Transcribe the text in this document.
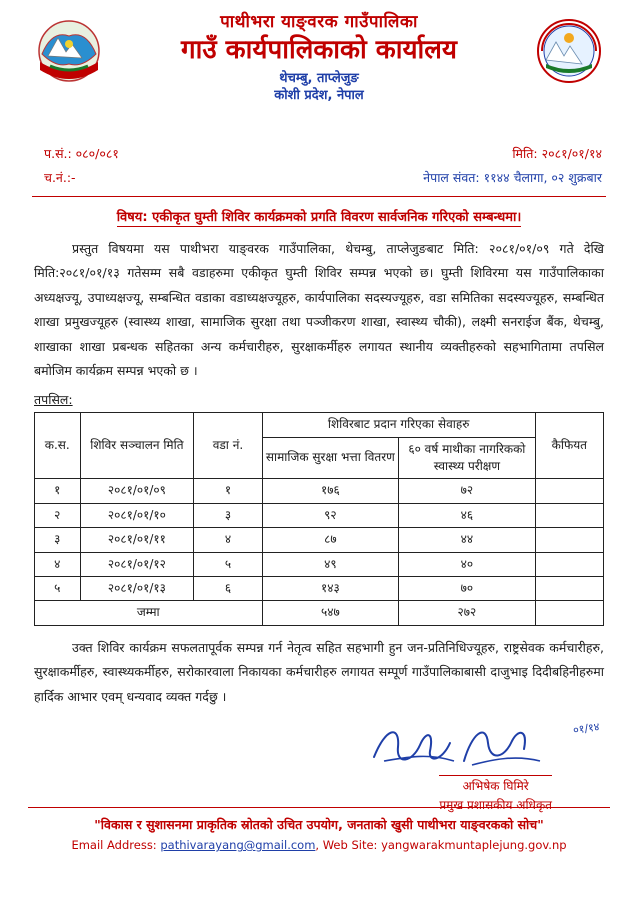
पाथीभरा याङ्वरक गाउँपालिका
गाउँ कार्यपालिकाको कार्यालय
थेचम्बु, ताप्लेजुङ
कोशी प्रदेश, नेपाल
प.सं.: ०८०/०८१
च.नं.:-
मिति: २०८१/०१/१४
नेपाल संवत: ११४४ चैलागा, ०२ शुक्रबार
विषय: एकीकृत घुम्ती शिविर कार्यक्रमको प्रगति विवरण सार्वजनिक गरिएको सम्बन्धमा।

प्रस्तुत विषयमा यस पाथीभरा याङ्वरक गाउँपालिका, थेचम्बु, ताप्लेजुङबाट मिति: २०८१/०१/०९ गते देखि मिति:२०८१/०१/१३ गतेसम्म सबै वडाहरुमा एकीकृत घुम्ती शिविर सम्पन्न भएको छ। घुम्ती शिविरमा यस गाउँपालिकाका अध्यक्षज्यू, उपाध्यक्षज्यू, सम्बन्धित वडाका वडाध्यक्षज्यूहरु, कार्यपालिका सदस्यज्यूहरु, वडा समितिका सदस्यज्यूहरु, सम्बन्धित शाखा प्रमुखज्यूहरु (स्वास्थ्य शाखा, सामाजिक सुरक्षा तथा पञ्जीकरण शाखा, स्वास्थ्य चौकी), लक्ष्मी सनराईज बैंक, थेचम्बु, शाखाका शाखा प्रबन्धक सहितका अन्य कर्मचारीहरु, सुरक्षाकर्मीहरु लगायत स्थानीय व्यक्तीहरुको सहभागितामा तपसिल बमोजिम कार्यक्रम सम्पन्न भएको छ ।

तपसिल:
क.स.	शिविर सञ्चालन मिति	वडा नं.	शिविरबाट प्रदान गरिएका सेवाहरु		कैफियत
			सामाजिक सुरक्षा भत्ता वितरण	६० वर्ष माथीका नागरिकको स्वास्थ्य परीक्षण	
१	२०८१/०१/०९	१	१७६	७२	
२	२०८१/०१/१०	३	९२	४६	
३	२०८१/०१/११	४	८७	४४	
४	२०८१/०१/१२	५	४९	४०	
५	२०८१/०१/१३	६	१४३	७०	
जम्मा			५४७	२७२	

उक्त शिविर कार्यक्रम सफलतापूर्वक सम्पन्न गर्न नेतृत्व सहित सहभागी हुन जन-प्रतिनिधिज्यूहरु, राष्ट्रसेवक कर्मचारीहरु, सुरक्षाकर्मीहरु, स्वास्थ्यकर्मीहरु, सरोकारवाला निकायका कर्मचारीहरु लगायत सम्पूर्ण गाउँपालिकाबासी दाजुभाइ दिदीबहिनीहरुमा हार्दिक आभार एवम् धन्यवाद व्यक्त गर्दछु ।

०१/१४
अभिषेक घिमिरे
प्रमुख प्रशासकीय अधिकृत
"विकास र सुशासनमा प्राकृतिक स्रोतको उचित उपयोग, जनताको खुसी पाथीभरा याङ्वरकको सोच"
Email Address: pathivarayang@gmail.com, Web Site: yangwarakmuntaplejung.gov.np
